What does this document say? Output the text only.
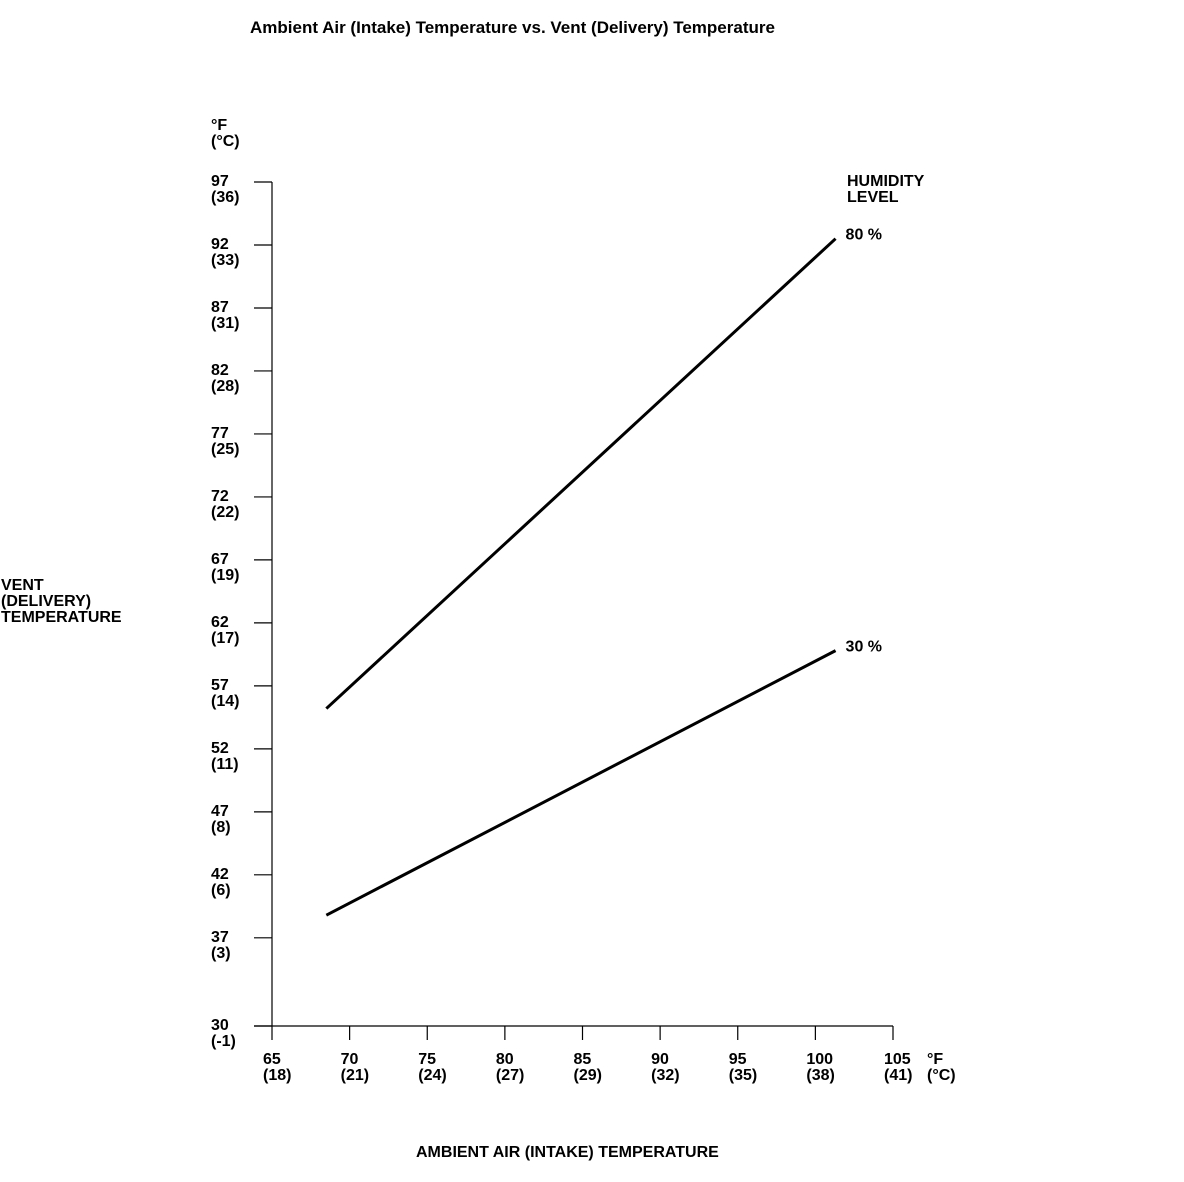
Ambient Air (Intake) Temperature vs. Vent (Delivery) Temperature
97
(36)
92
(33)
87
(31)
82
(28)
77
(25)
72
(22)
67
(19)
62
(17)
57
(14)
52
(11)
47
(8)
42
(6)
37
(3)
30
(-1)
65
(18)
70
(21)
75
(24)
80
(27)
85
(29)
90
(32)
95
(35)
100
(38)
105
(41)
°F
(°C)
°F
(°C)
VENT
(DELIVERY)
TEMPERATURE
AMBIENT AIR (INTAKE) TEMPERATURE
HUMIDITY
LEVEL
80 %
30 %
